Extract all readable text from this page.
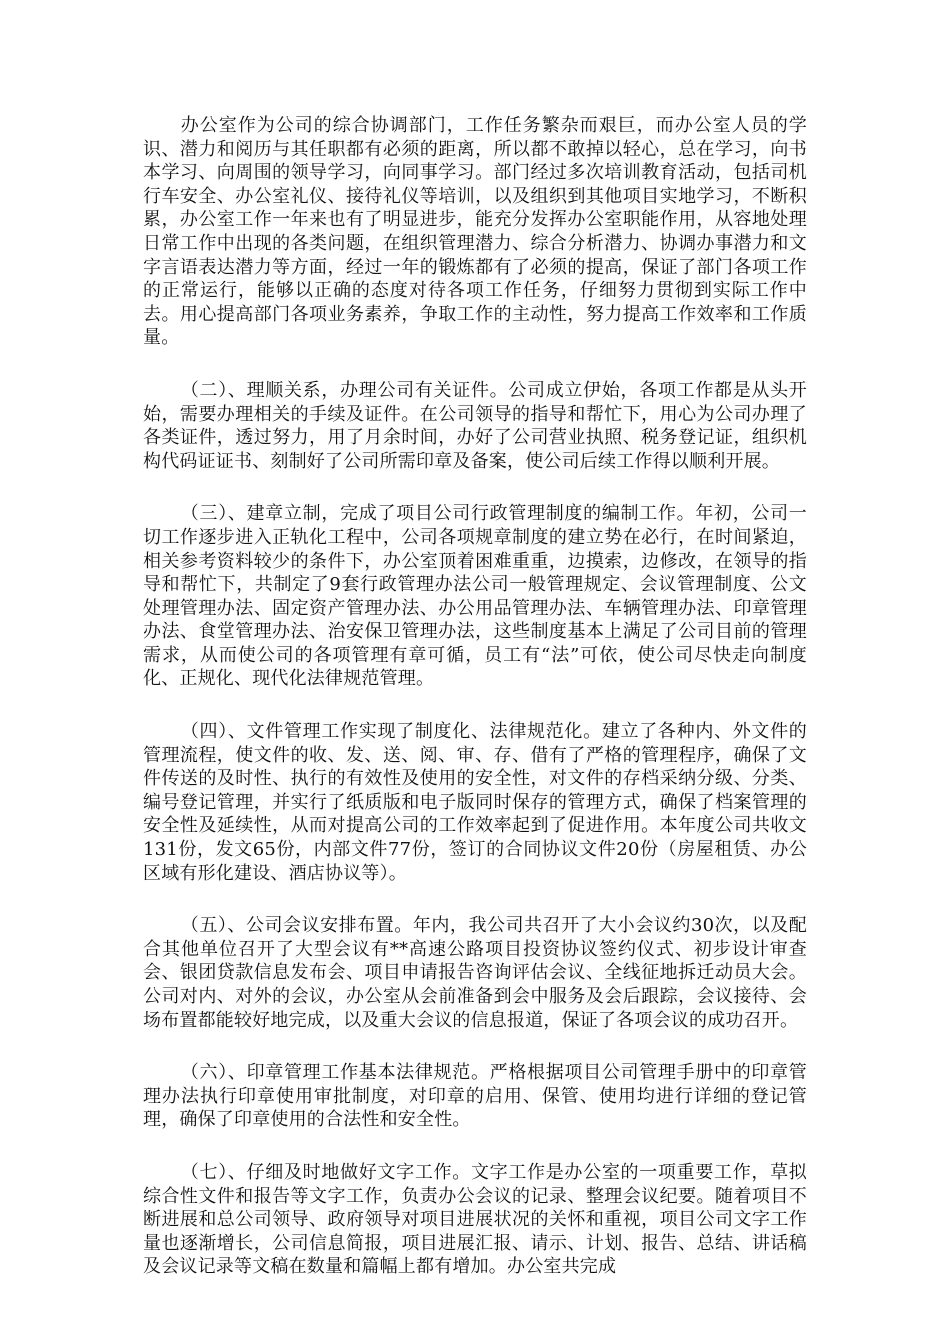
办公室作为公司的综合协调部门，工作任务繁杂而艰巨，而办公室人员的学识、潜力和阅历与其任职都有必须的距离，所以都不敢掉以轻心，总在学习，向书本学习、向周围的领导学习，向同事学习。部门经过多次培训教育活动，包括司机行车安全、办公室礼仪、接待礼仪等培训，以及组织到其他项目实地学习，不断积累，办公室工作一年来也有了明显进步，能充分发挥办公室职能作用，从容地处理日常工作中出现的各类问题，在组织管理潜力、综合分析潜力、协调办事潜力和文字言语表达潜力等方面，经过一年的锻炼都有了必须的提高，保证了部门各项工作的正常运行，能够以正确的态度对待各项工作任务，仔细努力贯彻到实际工作中去。用心提高部门各项业务素养，争取工作的主动性，努力提高工作效率和工作质量。

（二）、理顺关系，办理公司有关证件。公司成立伊始，各项工作都是从头开始，需要办理相关的手续及证件。在公司领导的指导和帮忙下，用心为公司办理了各类证件，透过努力，用了月余时间，办好了公司营业执照、税务登记证，组织机构代码证证书、刻制好了公司所需印章及备案，使公司后续工作得以顺利开展。

（三）、建章立制，完成了项目公司行政管理制度的编制工作。年初，公司一切工作逐步进入正轨化工程中，公司各项规章制度的建立势在必行，在时间紧迫，相关参考资料较少的条件下，办公室顶着困难重重，边摸索，边修改，在领导的指导和帮忙下，共制定了9套行政管理办法公司一般管理规定、会议管理制度、公文处理管理办法、固定资产管理办法、办公用品管理办法、车辆管理办法、印章管理办法、食堂管理办法、治安保卫管理办法，这些制度基本上满足了公司目前的管理需求，从而使公司的各项管理有章可循，员工有“法”可依，使公司尽快走向制度化、正规化、现代化法律规范管理。

（四）、文件管理工作实现了制度化、法律规范化。建立了各种内、外文件的管理流程，使文件的收、发、送、阅、审、存、借有了严格的管理程序，确保了文件传送的及时性、执行的有效性及使用的安全性，对文件的存档采纳分级、分类、编号登记管理，并实行了纸质版和电子版同时保存的管理方式，确保了档案管理的安全性及延续性，从而对提高公司的工作效率起到了促进作用。本年度公司共收文131份，发文65份，内部文件77份，签订的合同协议文件20份（房屋租赁、办公区域有形化建设、酒店协议等）。

（五）、公司会议安排布置。年内，我公司共召开了大小会议约30次，以及配合其他单位召开了大型会议有**高速公路项目投资协议签约仪式、初步设计审查会、银团贷款信息发布会、项目申请报告咨询评估会议、全线征地拆迁动员大会。公司对内、对外的会议，办公室从会前准备到会中服务及会后跟踪，会议接待、会场布置都能较好地完成，以及重大会议的信息报道，保证了各项会议的成功召开。

（六）、印章管理工作基本法律规范。严格根据项目公司管理手册中的印章管理办法执行印章使用审批制度，对印章的启用、保管、使用均进行详细的登记管理，确保了印章使用的合法性和安全性。

（七）、仔细及时地做好文字工作。文字工作是办公室的一项重要工作，草拟综合性文件和报告等文字工作，负责办公会议的记录、整理会议纪要。随着项目不断进展和总公司领导、政府领导对项目进展状况的关怀和重视，项目公司文字工作量也逐渐增长，公司信息简报，项目进展汇报、请示、计划、报告、总结、讲话稿及会议记录等文稿在数量和篇幅上都有增加。办公室共完成
